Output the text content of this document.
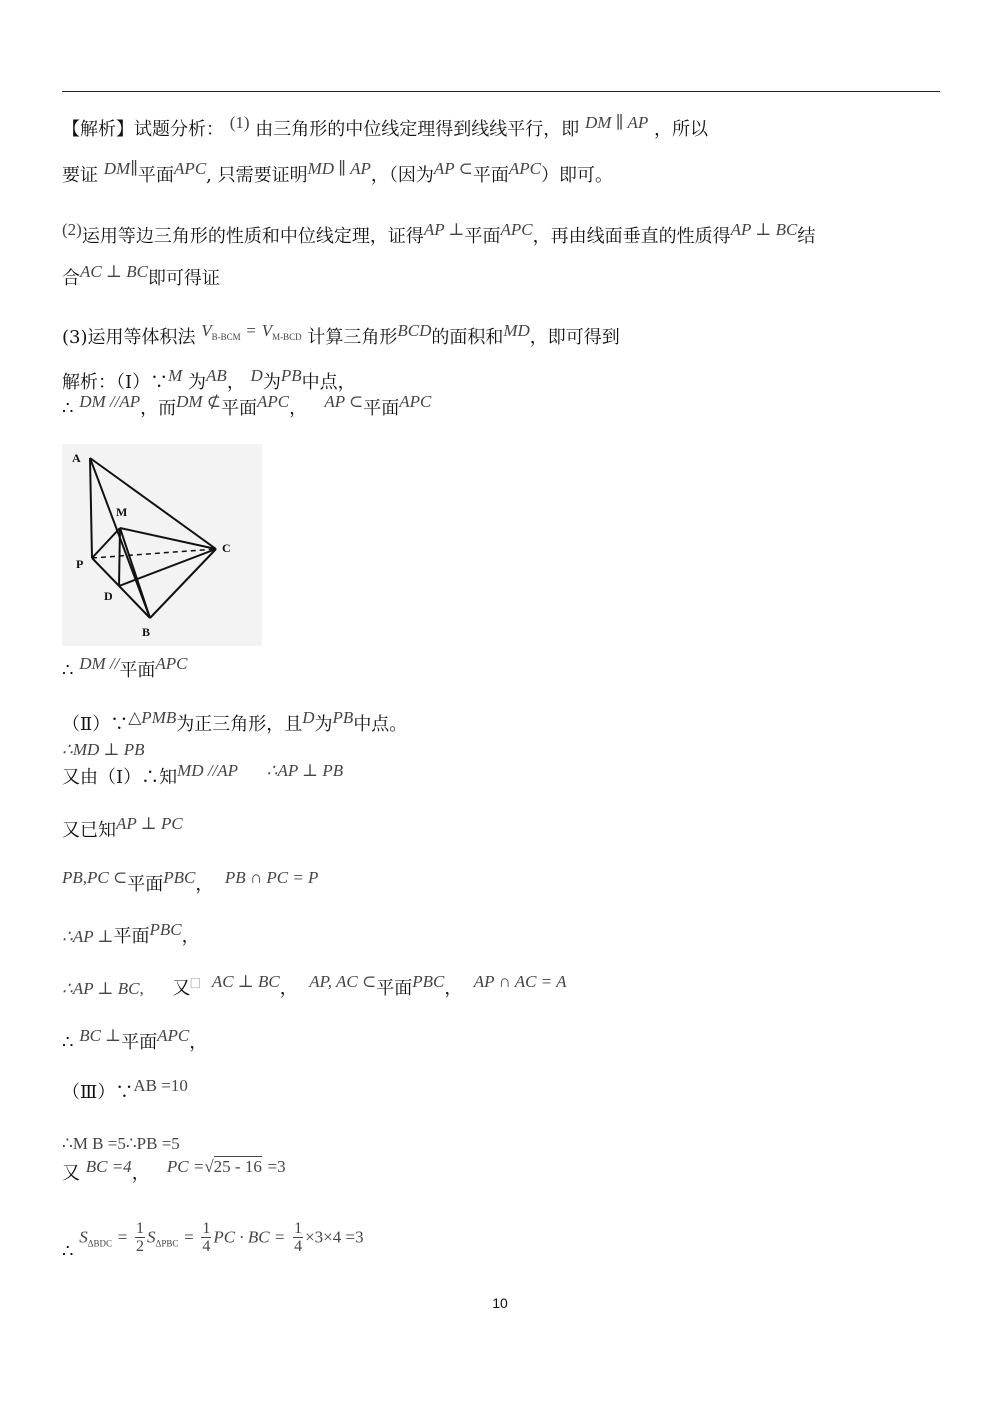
【解析】试题分析： (1) 由三角形的中位线定理得到线线平行，即 DM ∥ AP ，所以
要证 DM∥平面APC, 只需要证明MD ∥ AP，（因为AP ⊂平面APC）即可。
(2)运用等边三角形的性质和中位线定理，证得AP ⊥平面APC，再由线面垂直的性质得AP ⊥ BC结
合AC ⊥ BC即可得证
(3)运用等体积法 $V_{B-BCM} = V_{M-BCD}$ 计算三角形BCD的面积和MD，即可得到
解析：（Ⅰ）∵M 为AB， D为PB中点，
∴ DM //AP，而DM ⊄平面APC， AP ⊂平面APC
A
M
C
P
D
B
∴ DM //平面APC
（Ⅱ）∵△PMB为正三角形，且D为PB中点。
∴MD ⊥ PB
又由（Ⅰ）∴知MD //AP ∴AP ⊥ PB
又已知AP ⊥ PC
PB,PC ⊂平面PBC，  PB ∩ PC = P
∴AP ⊥平面PBC，
∴AP ⊥ BC, 又⃞ AC ⊥ BC，  AP, AC ⊂平面PBC，  AP ∩ AC = A
∴ BC ⊥平面APC，
（Ⅲ）∵AB =10
∴M B =5∴PB =5
又 BC =4，   PC =√25 - 16 =3
∴ $S_{\Delta BDC} = \frac{1}{2} S_{\Delta PBC} = \frac{1}{4}$ PC · BC = $\frac{1}{4} \times 3\times 4 =3$
10
